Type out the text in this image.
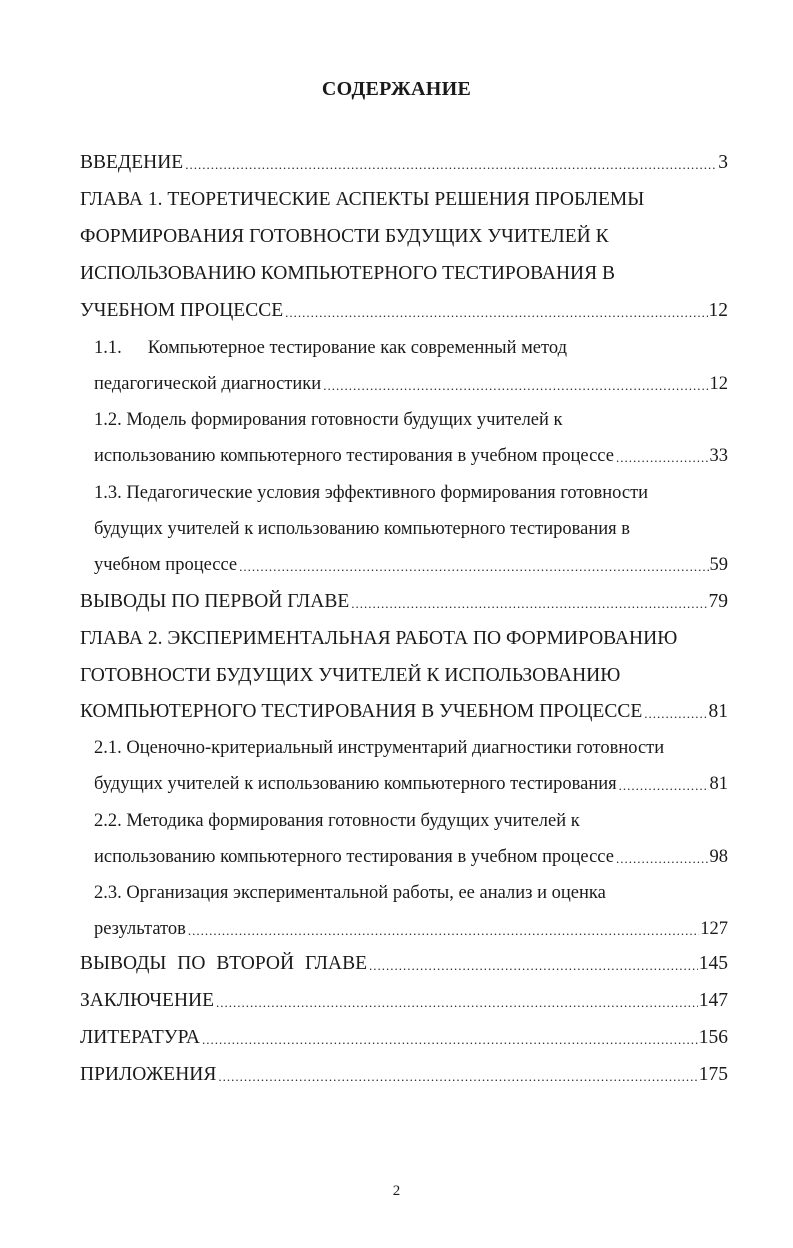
СОДЕРЖАНИЕ
ВВЕДЕНИЕ .....	3
ГЛАВА 1. ТЕОРЕТИЧЕСКИЕ АСПЕКТЫ РЕШЕНИЯ ПРОБЛЕМЫ
ФОРМИРОВАНИЯ ГОТОВНОСТИ БУДУЩИХ УЧИТЕЛЕЙ К
ИСПОЛЬЗОВАНИЮ КОМПЬЮТЕРНОГО ТЕСТИРОВАНИЯ В
УЧЕБНОМ ПРОЦЕССЕ .....	12
1.1. Компьютерное тестирование как современный метод
педагогической диагностики .....	12
1.2. Модель формирования готовности будущих учителей к
использованию компьютерного тестирования в учебном процессе .....	33
1.3. Педагогические условия эффективного формирования готовности
будущих учителей к использованию компьютерного тестирования в
учебном процессе .....	59
ВЫВОДЫ ПО ПЕРВОЙ ГЛАВЕ .....	79
ГЛАВА 2. ЭКСПЕРИМЕНТАЛЬНАЯ РАБОТА ПО ФОРМИРОВАНИЮ
ГОТОВНОСТИ БУДУЩИХ УЧИТЕЛЕЙ К ИСПОЛЬЗОВАНИЮ
КОМПЬЮТЕРНОГО ТЕСТИРОВАНИЯ В УЧЕБНОМ ПРОЦЕССЕ .....	81
2.1. Оценочно-критериальный инструментарий диагностики готовности
будущих учителей к использованию компьютерного тестирования .....	81
2.2. Методика формирования готовности будущих учителей к
использованию компьютерного тестирования в учебном процессе .....	98
2.3. Организация экспериментальной работы, ее анализ и оценка
результатов .....	127
ВЫВОДЫ ПО ВТОРОЙ ГЛАВЕ .....	145
ЗАКЛЮЧЕНИЕ .....	147
ЛИТЕРАТУРА .....	156
ПРИЛОЖЕНИЯ .....	175
2
